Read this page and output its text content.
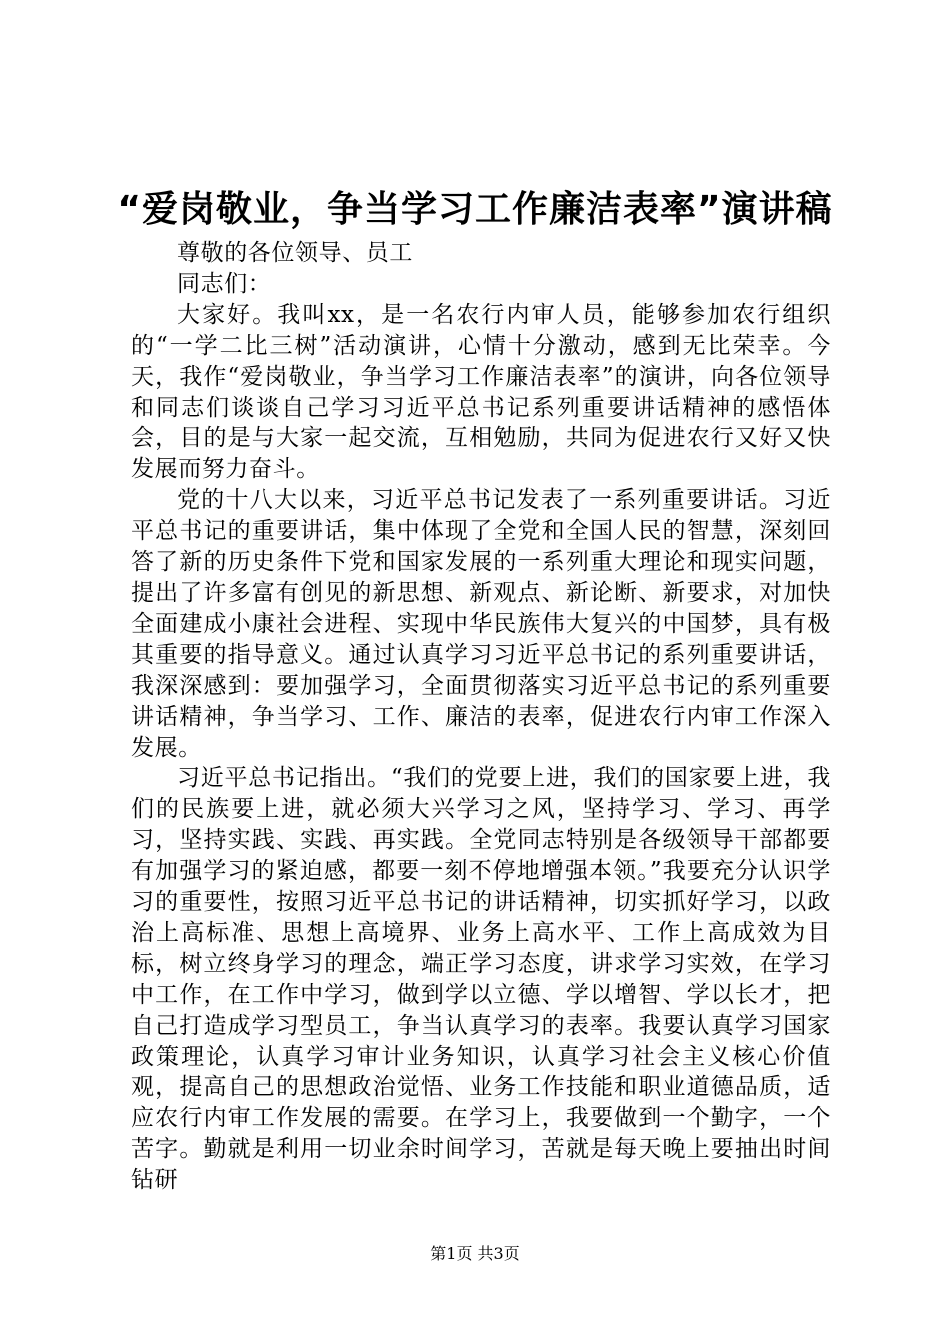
“爱岗敬业，争当学习工作廉洁表率”演讲稿

尊敬的各位领导、员工

同志们：

大家好。我叫xx，是一名农行内审人员，能够参加农行组织的“一学二比三树”活动演讲，心情十分激动，感到无比荣幸。今天，我作“爱岗敬业，争当学习工作廉洁表率”的演讲，向各位领导和同志们谈谈自己学习习近平总书记系列重要讲话精神的感悟体会，目的是与大家一起交流，互相勉励，共同为促进农行又好又快发展而努力奋斗。

党的十八大以来，习近平总书记发表了一系列重要讲话。习近平总书记的重要讲话，集中体现了全党和全国人民的智慧，深刻回答了新的历史条件下党和国家发展的一系列重大理论和现实问题，提出了许多富有创见的新思想、新观点、新论断、新要求，对加快全面建成小康社会进程、实现中华民族伟大复兴的中国梦，具有极其重要的指导意义。通过认真学习习近平总书记的系列重要讲话，我深深感到：要加强学习，全面贯彻落实习近平总书记的系列重要讲话精神，争当学习、工作、廉洁的表率，促进农行内审工作深入发展。

习近平总书记指出。“我们的党要上进，我们的国家要上进，我们的民族要上进，就必须大兴学习之风，坚持学习、学习、再学习，坚持实践、实践、再实践。全党同志特别是各级领导干部都要有加强学习的紧迫感，都要一刻不停地增强本领。”我要充分认识学习的重要性，按照习近平总书记的讲话精神，切实抓好学习，以政治上高标准、思想上高境界、业务上高水平、工作上高成效为目标，树立终身学习的理念，端正学习态度，讲求学习实效，在学习中工作，在工作中学习，做到学以立德、学以增智、学以长才，把自己打造成学习型员工，争当认真学习的表率。我要认真学习国家政策理论，认真学习审计业务知识，认真学习社会主义核心价值观，提高自己的思想政治觉悟、业务工作技能和职业道德品质，适应农行内审工作发展的需要。在学习上，我要做到一个勤字，一个苦字。勤就是利用一切业余时间学习，苦就是每天晚上要抽出时间钻研

第1页 共3页
